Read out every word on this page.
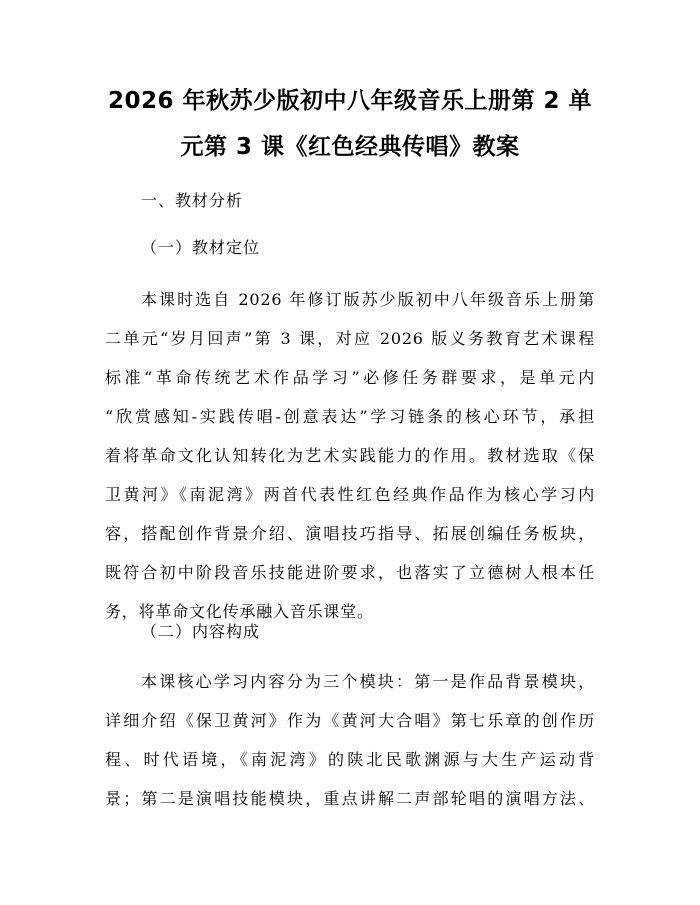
2026 年秋苏少版初中八年级音乐上册第 2 单
元第 3 课《红色经典传唱》教案
一、教材分析
（一）教材定位
本课时选自 2026 年修订版苏少版初中八年级音乐上册第
二单元“岁月回声”第 3 课，对应 2026 版义务教育艺术课程
标准“革命传统艺术作品学习”必修任务群要求，是单元内
“欣赏感知-实践传唱-创意表达”学习链条的核心环节，承担
着将革命文化认知转化为艺术实践能力的作用。教材选取《保
卫黄河》《南泥湾》两首代表性红色经典作品作为核心学习内
容，搭配创作背景介绍、演唱技巧指导、拓展创编任务板块，
既符合初中阶段音乐技能进阶要求，也落实了立德树人根本任
务，将革命文化传承融入音乐课堂。
（二）内容构成
本课核心学习内容分为三个模块：第一是作品背景模块，
详细介绍《保卫黄河》作为《黄河大合唱》第七乐章的创作历
程、时代语境，《南泥湾》的陕北民歌渊源与大生产运动背
景；第二是演唱技能模块，重点讲解二声部轮唱的演唱方法、
